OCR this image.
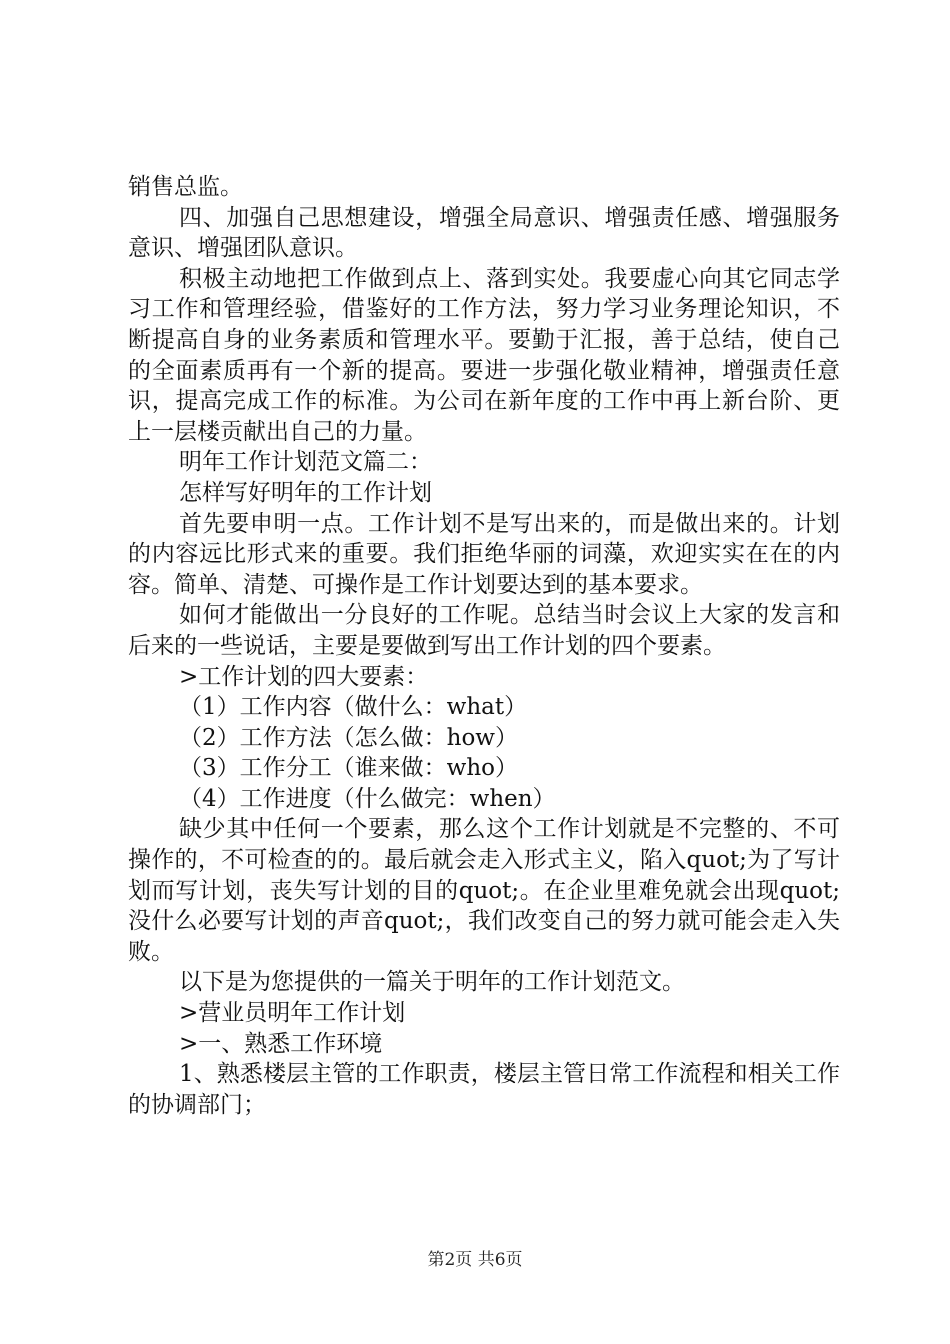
销售总监。

四、加强自己思想建设，增强全局意识、增强责任感、增强服务意识、增强团队意识。

积极主动地把工作做到点上、落到实处。我要虚心向其它同志学习工作和管理经验，借鉴好的工作方法，努力学习业务理论知识，不断提高自身的业务素质和管理水平。要勤于汇报，善于总结，使自己的全面素质再有一个新的提高。要进一步强化敬业精神，增强责任意识，提高完成工作的标准。为公司在新年度的工作中再上新台阶、更上一层楼贡献出自己的力量。

明年工作计划范文篇二：

怎样写好明年的工作计划

首先要申明一点。工作计划不是写出来的，而是做出来的。计划的内容远比形式来的重要。我们拒绝华丽的词藻，欢迎实实在在的内容。简单、清楚、可操作是工作计划要达到的基本要求。

如何才能做出一分良好的工作呢。总结当时会议上大家的发言和后来的一些说话，主要是要做到写出工作计划的四个要素。

>工作计划的四大要素：

（1）工作内容（做什么：what）

（2）工作方法（怎么做：how）

（3）工作分工（谁来做：who）

（4）工作进度（什么做完：when）

缺少其中任何一个要素，那么这个工作计划就是不完整的、不可操作的，不可检查的的。最后就会走入形式主义，陷入quot;为了写计划而写计划，丧失写计划的目的quot;。在企业里难免就会出现quot;没什么必要写计划的声音quot;，我们改变自己的努力就可能会走入失败。

以下是为您提供的一篇关于明年的工作计划范文。

>营业员明年工作计划

>一、熟悉工作环境

1、熟悉楼层主管的工作职责，楼层主管日常工作流程和相关工作的协调部门；

第2页 共6页
